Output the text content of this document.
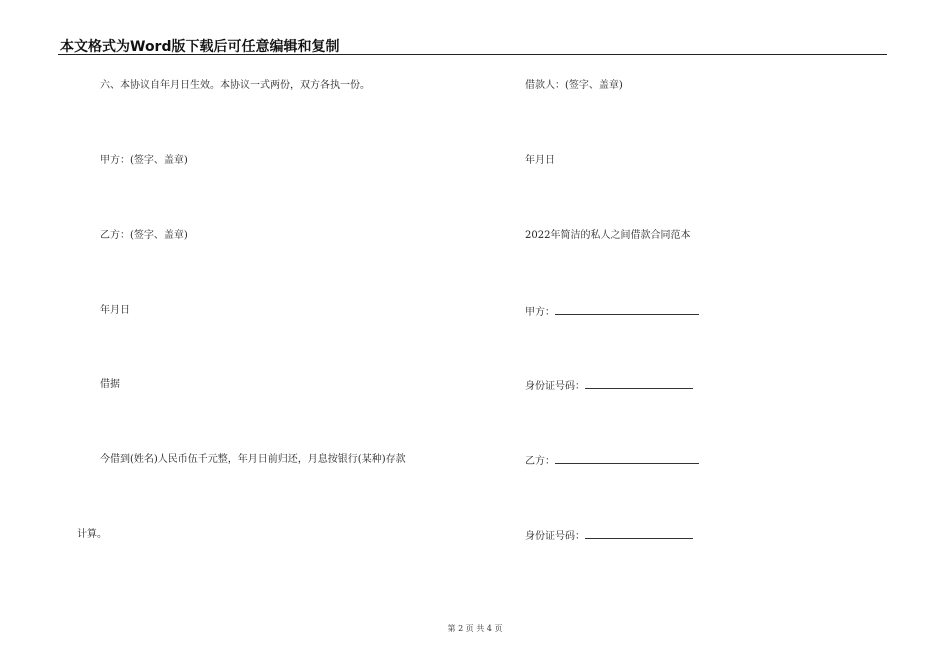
本文格式为Word版下载后可任意编辑和复制
六、本协议自年月日生效。本协议一式两份，双方各执一份。
甲方：(签字、盖章)
乙方：(签字、盖章)
年月日
借据
今借到(姓名)人民币伍千元整，年月日前归还，月息按银行(某种)存款
计算。
借款人：(签字、盖章)
年月日
2022年简洁的私人之间借款合同范本
甲方：
身份证号码：
乙方：
身份证号码：
第 2 页 共 4 页
